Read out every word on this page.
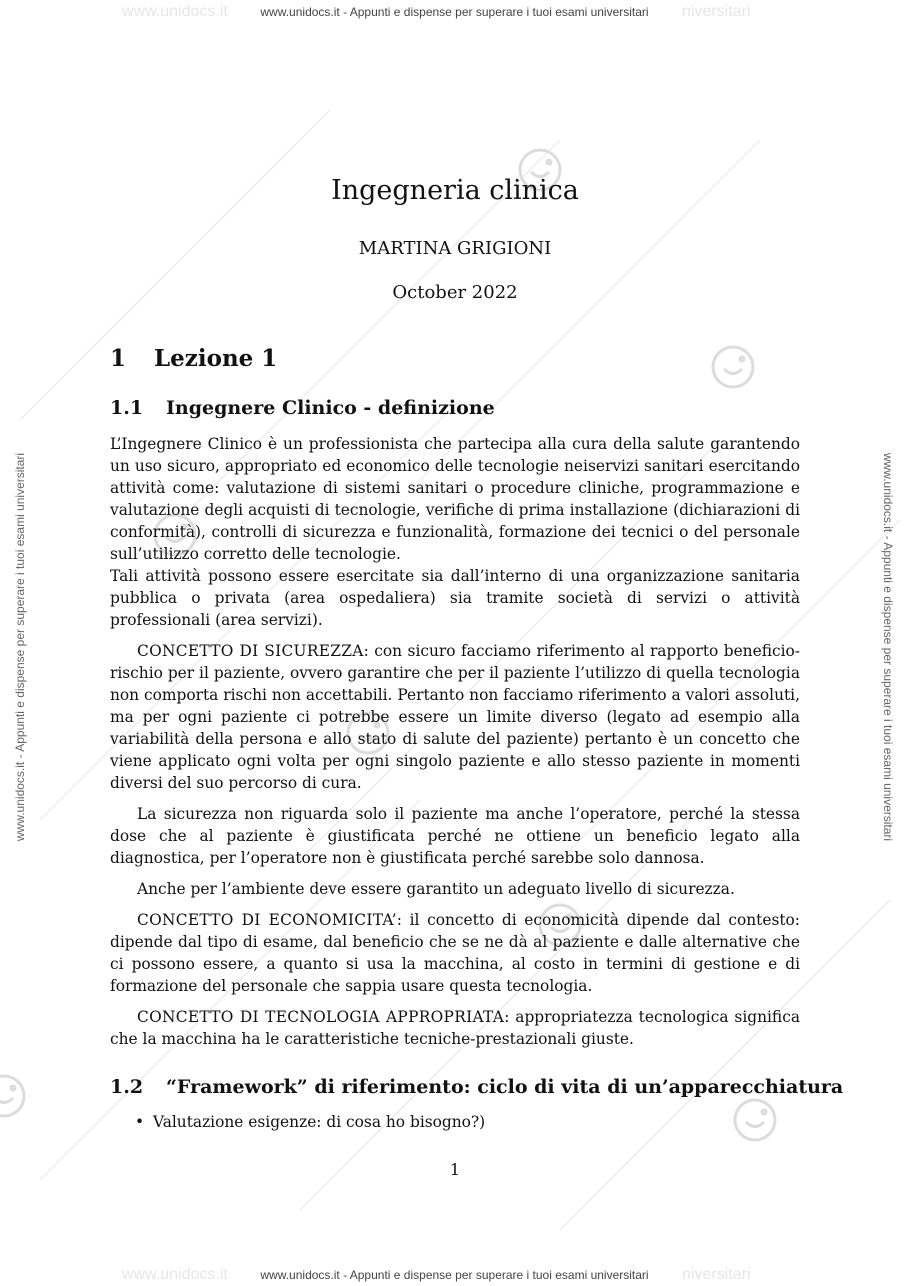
www.unidocs.it	niversitari
www.unidocs.it - Appunti e dispense per superare i tuoi esami universitari
www.unidocs.it - Appunti e dispense per superare i tuoi esami universitari	www.unidocs.it - Appunti e dispense per superare i tuoi esami universitari
Ingegneria clinica
MARTINA GRIGIONI
October 2022
1 Lezione 1
1.1 Ingegnere Clinico - definizione

L’Ingegnere Clinico è un professionista che partecipa alla cura della salute garantendo un uso sicuro, appropriato ed economico delle tecnologie neiservizi sanitari esercitando attività come: valutazione di sistemi sanitari o procedure cliniche, programmazione e valutazione degli acquisti di tecnologie, verifiche di prima installazione (dichiarazioni di conformità), controlli di sicurezza e funzionalità, formazione dei tecnici o del personale sull’utilizzo corretto delle tecnologie.

Tali attività possono essere esercitate sia dall’interno di una organizzazione sanitaria pubblica o privata (area ospedaliera) sia tramite società di servizi o attività professionali (area servizi).

CONCETTO DI SICUREZZA: con sicuro facciamo riferimento al rapporto beneficio-rischio per il paziente, ovvero garantire che per il paziente l’utilizzo di quella tecnologia non comporta rischi non accettabili. Pertanto non facciamo riferimento a valori assoluti, ma per ogni paziente ci potrebbe essere un limite diverso (legato ad esempio alla variabilità della persona e allo stato di salute del paziente) pertanto è un concetto che viene applicato ogni volta per ogni singolo paziente e allo stesso paziente in momenti diversi del suo percorso di cura.

La sicurezza non riguarda solo il paziente ma anche l’operatore, perché la stessa dose che al paziente è giustificata perché ne ottiene un beneficio legato alla diagnostica, per l’operatore non è giustificata perché sarebbe solo dannosa.

Anche per l’ambiente deve essere garantito un adeguato livello di sicurezza.

CONCETTO DI ECONOMICITA’: il concetto di economicità dipende dal contesto: dipende dal tipo di esame, dal beneficio che se ne dà al paziente e dalle alternative che ci possono essere, a quanto si usa la macchina, al costo in termini di gestione e di formazione del personale che sappia usare questa tecnologia.

CONCETTO DI TECNOLOGIA APPROPRIATA: appropriatezza tecnologica significa che la macchina ha le caratteristiche tecniche-prestazionali giuste.

1.2 “Framework” di riferimento: ciclo di vita di un’apparecchiatura
• Valutazione esigenze: di cosa ho bisogno?)
1
www.unidocs.it	niversitari
www.unidocs.it - Appunti e dispense per superare i tuoi esami universitari
